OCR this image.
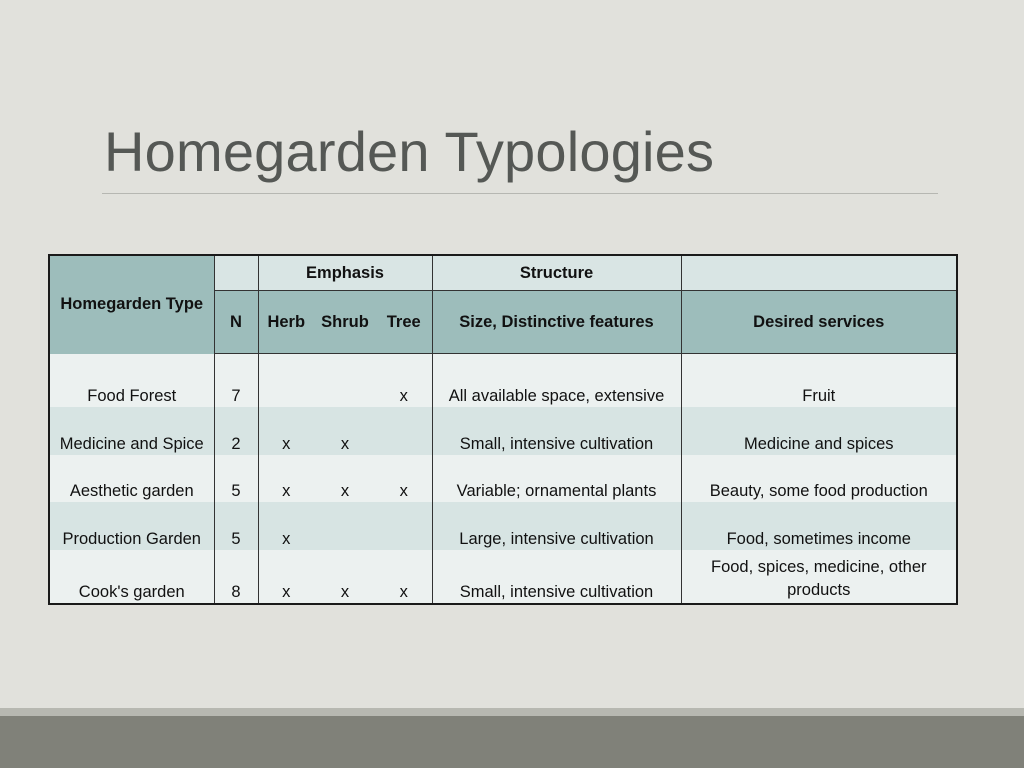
Homegarden Typologies
Homegarden Type		Emphasis			Structure	
	N	Herb	Shrub	Tree	Size, Distinctive features	Desired services
Food Forest	7			x	All available space, extensive	Fruit
Medicine and Spice	2	x	x		Small, intensive cultivation	Medicine and spices
Aesthetic garden	5	x	x	x	Variable; ornamental plants	Beauty, some food production
Production Garden	5	x			Large, intensive cultivation	Food, sometimes income
Cook's garden	8	x	x	x	Small, intensive cultivation	Food, spices, medicine, other products
